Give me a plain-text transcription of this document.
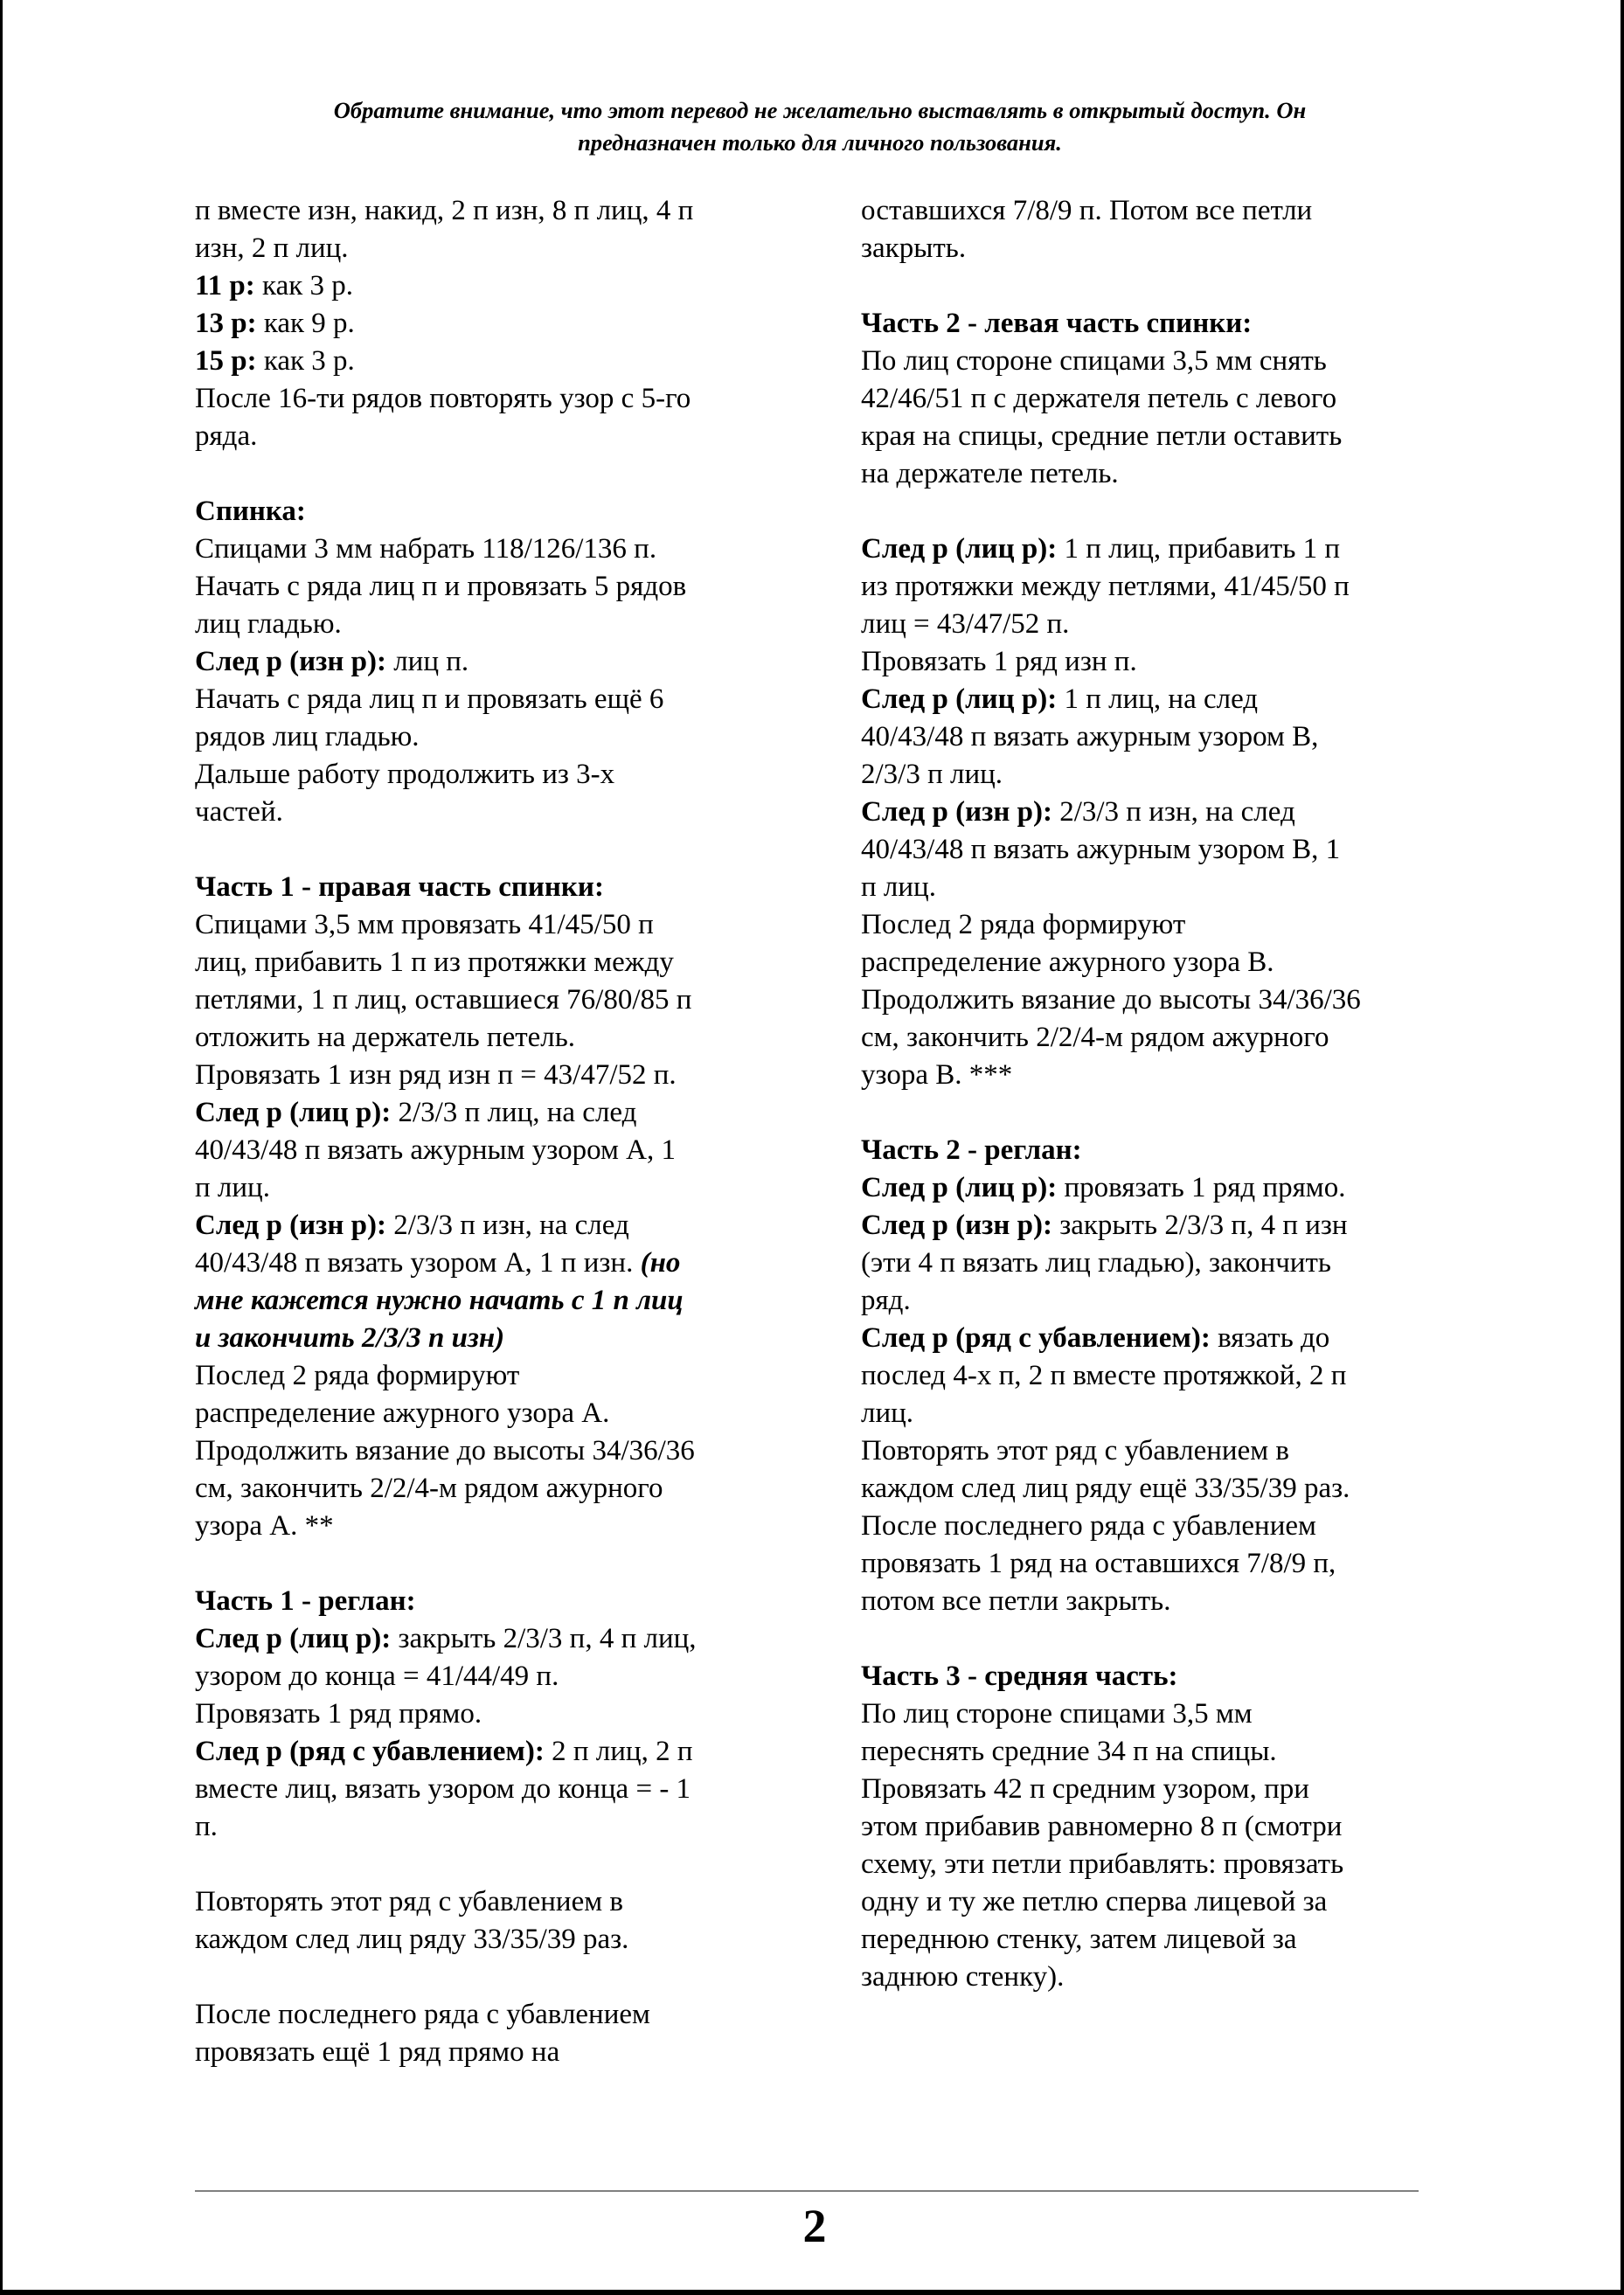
Обратите внимание, что этот перевод не желательно выставлять в открытый доступ. Он
предназначен только для личного пользования.

п вместе изн, накид, 2 п изн, 8 п лиц, 4 п

изн, 2 п лиц.

11 р: как 3 р.

13 р: как 9 р.

15 р: как 3 р.

После 16-ти рядов повторять узор с 5-го

ряда.

Спинка:

Спицами 3 мм набрать 118/126/136 п.

Начать с ряда лиц п и провязать 5 рядов

лиц гладью.

След р (изн р): лиц п.

Начать с ряда лиц п и провязать ещё 6

рядов лиц гладью.

Дальше работу продолжить из 3-х

частей.

Часть 1 - правая часть спинки:

Спицами 3,5 мм провязать 41/45/50 п

лиц, прибавить 1 п из протяжки между

петлями, 1 п лиц, оставшиеся 76/80/85 п

отложить на держатель петель.

Провязать 1 изн ряд изн п = 43/47/52 п.

След р (лиц р): 2/3/3 п лиц, на след

40/43/48 п вязать ажурным узором А, 1

п лиц.

След р (изн р): 2/3/3 п изн, на след

40/43/48 п вязать узором А, 1 п изн. (но

мне кажется нужно начать с 1 п лиц

и закончить 2/3/3 п изн)

Послед 2 ряда формируют

распределение ажурного узора А.

Продолжить вязание до высоты 34/36/36

см, закончить 2/2/4-м рядом ажурного

узора А. **

Часть 1 - реглан:

След р (лиц р): закрыть 2/3/3 п, 4 п лиц,

узором до конца = 41/44/49 п.

Провязать 1 ряд прямо.

След р (ряд с убавлением): 2 п лиц, 2 п

вместе лиц, вязать узором до конца = - 1

п.

Повторять этот ряд с убавлением в

каждом след лиц ряду 33/35/39 раз.

После последнего ряда с убавлением

провязать ещё 1 ряд прямо на

оставшихся 7/8/9 п. Потом все петли

закрыть.

Часть 2 - левая часть спинки:

По лиц стороне спицами 3,5 мм снять

42/46/51 п с держателя петель с левого

края на спицы, средние петли оставить

на держателе петель.

След р (лиц р): 1 п лиц, прибавить 1 п

из протяжки между петлями, 41/45/50 п

лиц = 43/47/52 п.

Провязать 1 ряд изн п.

След р (лиц р): 1 п лиц, на след

40/43/48 п вязать ажурным узором В,

2/3/3 п лиц.

След р (изн р): 2/3/3 п изн, на след

40/43/48 п вязать ажурным узором В, 1

п лиц.

Послед 2 ряда формируют

распределение ажурного узора В.

Продолжить вязание до высоты 34/36/36

см, закончить 2/2/4-м рядом ажурного

узора В. ***

Часть 2 - реглан:

След р (лиц р): провязать 1 ряд прямо.

След р (изн р): закрыть 2/3/3 п, 4 п изн

(эти 4 п вязать лиц гладью), закончить

ряд.

След р (ряд с убавлением): вязать до

послед 4-х п, 2 п вместе протяжкой, 2 п

лиц.

Повторять этот ряд с убавлением в

каждом след лиц ряду ещё 33/35/39 раз.

После последнего ряда с убавлением

провязать 1 ряд на оставшихся 7/8/9 п,

потом все петли закрыть.

Часть 3 - средняя часть:

По лиц стороне спицами 3,5 мм

переснять средние 34 п на спицы.

Провязать 42 п средним узором, при

этом прибавив равномерно 8 п (смотри

схему, эти петли прибавлять: провязать

одну и ту же петлю сперва лицевой за

переднюю стенку, затем лицевой за

заднюю стенку).

2
